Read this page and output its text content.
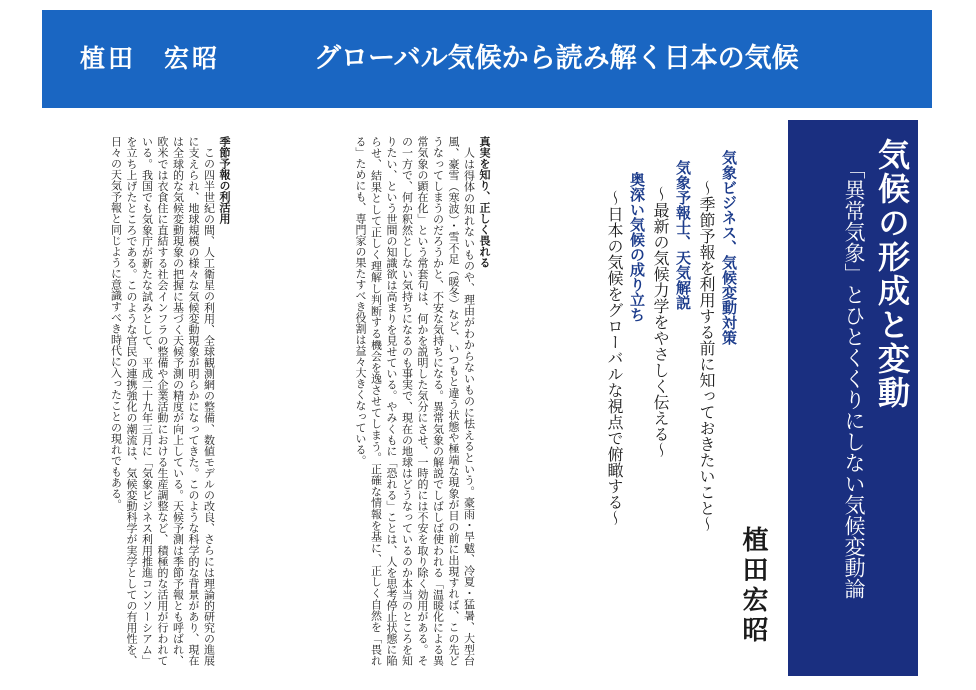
植田　宏昭	グローバル気候から読み解く日本の気候
気候の形成と変動
「異常気象」とひとくくりにしない気候変動論
植田宏昭
気象ビジネス、気候変動対策
〜季節予報を利用する前に知っておきたいこと〜
気象予報士、天気解説
〜最新の気候力学をやさしく伝える〜
奥深い気候の成り立ち
〜日本の気候をグローバルな視点で俯瞰する〜
真実を知り、正しく畏れる

人は得体の知れないものや、理由がわからないものに怯えるという。豪雨・旱魃、冷夏・猛暑、大型台風、豪雪（寒波）・雪不足（暖冬）など、いつもと違う状態や極端な現象が目の前に出現すれば、この先どうなってしまうのだろうかと、不安な気持ちになる。異常気象の解説でしばしば使われる「温暖化による異常気象の顕在化」という常套句は、何かを説明した気分にさせ、一時的には不安を取り除く効用がある。その一方で、何か釈然としない気持ちになるのも事実で、現在の地球はどうなっているのか本当のところを知りたい、という世間の知識欲は高まりを見せている。やみくもに「恐れる」ことは、人を思考停止状態に陥らせ、結果として正しく理解し判断する機会を逸させてしまう。正確な情報を基に、正しく自然を「畏れる」ためにも、専門家の果たすべき役割は益々大きくなっている。

季節予報の利活用

この四半世紀の間、人工衛星の利用、全球観測網の整備、数値モデルの改良、さらには理論的研究の進展に支えられ、地球規模の様々な気候変動現象が明らかになってきた。このような科学的な背景があり、現在は全球的な気候変動現象の把握に基づく天候予測の精度が向上している。天候予測は季節予報とも呼ばれ、欧米では衣食住に直結する社会インフラの整備や企業活動における生産調整など、積極的な活用が行われている。我国でも気象庁が新たな試みとして、平成二十九年三月に「気象ビジネス利用推進コンソーシアム」を立ち上げたところである。このような官民の連携強化の潮流は、気候変動科学が実学としての有用性を、日々の天気予報と同じように意識すべき時代に入ったことの現れでもある。
